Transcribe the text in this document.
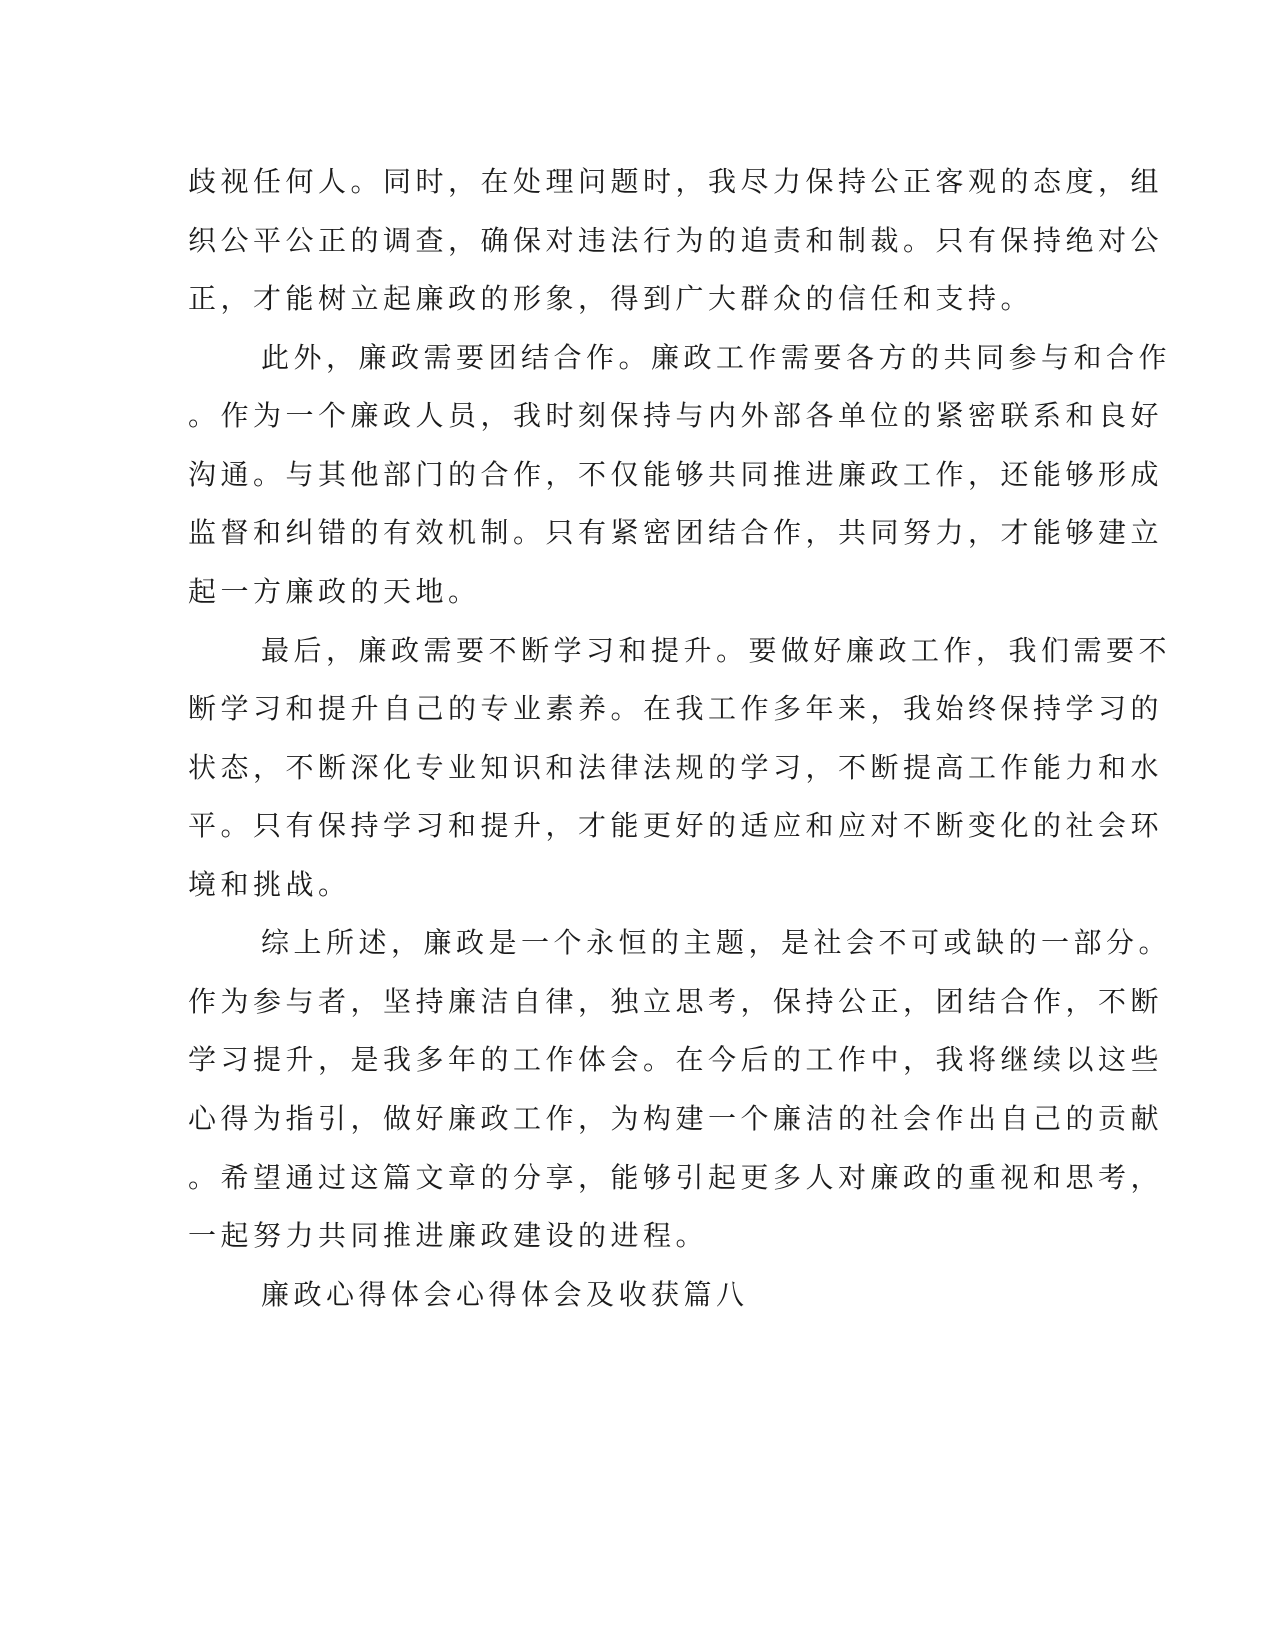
歧视任何人。同时，在处理问题时，我尽力保持公正客观的态度，组
织公平公正的调查，确保对违法行为的追责和制裁。只有保持绝对公
正，才能树立起廉政的形象，得到广大群众的信任和支持。
此外，廉政需要团结合作。廉政工作需要各方的共同参与和合作
。作为一个廉政人员，我时刻保持与内外部各单位的紧密联系和良好
沟通。与其他部门的合作，不仅能够共同推进廉政工作，还能够形成
监督和纠错的有效机制。只有紧密团结合作，共同努力，才能够建立
起一方廉政的天地。
最后，廉政需要不断学习和提升。要做好廉政工作，我们需要不
断学习和提升自己的专业素养。在我工作多年来，我始终保持学习的
状态，不断深化专业知识和法律法规的学习，不断提高工作能力和水
平。只有保持学习和提升，才能更好的适应和应对不断变化的社会环
境和挑战。
综上所述，廉政是一个永恒的主题，是社会不可或缺的一部分。
作为参与者，坚持廉洁自律，独立思考，保持公正，团结合作，不断
学习提升，是我多年的工作体会。在今后的工作中，我将继续以这些
心得为指引，做好廉政工作，为构建一个廉洁的社会作出自己的贡献
。希望通过这篇文章的分享，能够引起更多人对廉政的重视和思考，
一起努力共同推进廉政建设的进程。
廉政心得体会心得体会及收获篇八
